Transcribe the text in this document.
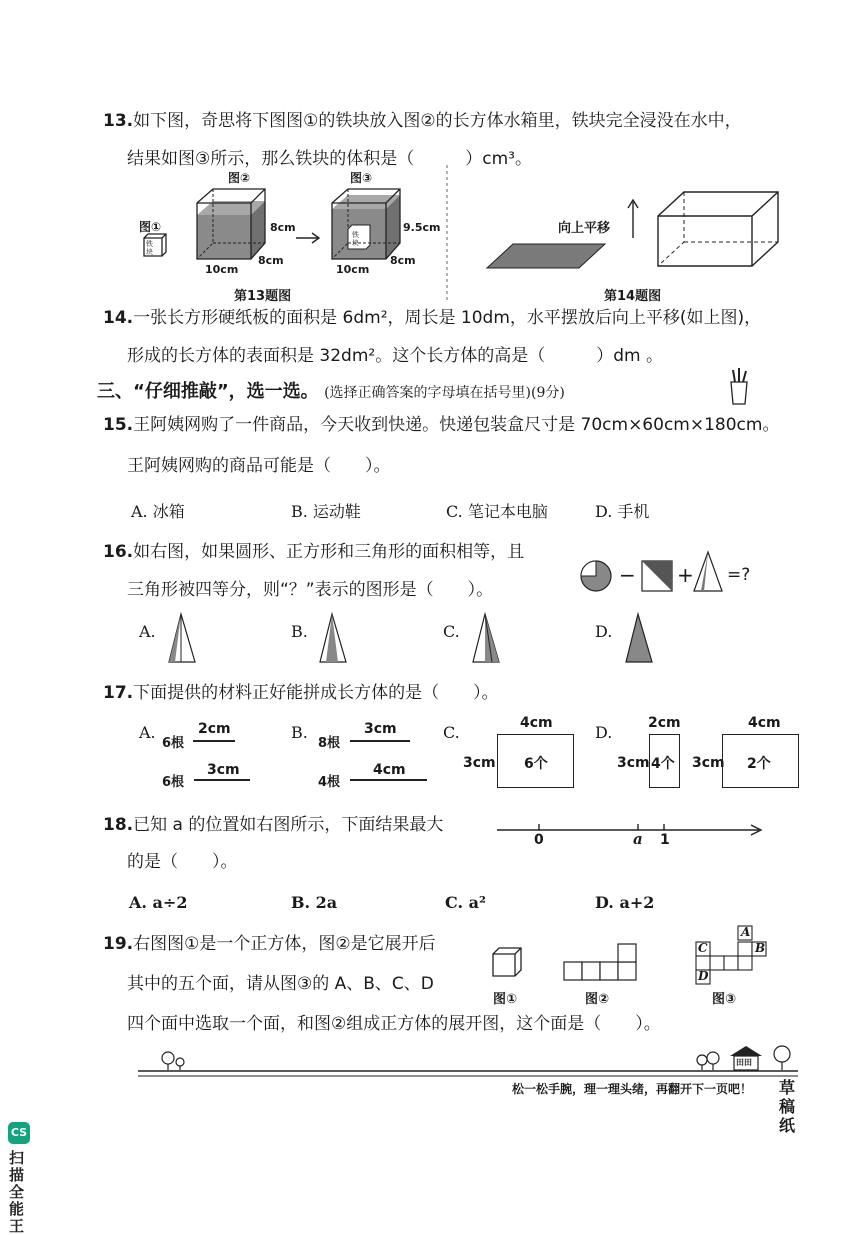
13.如下图，奇思将下图图①的铁块放入图②的长方体水箱里，铁块完全浸没在水中，
结果如图③所示，那么铁块的体积是（　　　）cm³。
图①
铁块
图②
8cm
10cm
8cm
图③
铁块
9.5cm
10cm
8cm
第13题图
向上平移
第14题图
14.一张长方形硬纸板的面积是 6dm²，周长是 10dm，水平摆放后向上平移(如上图)，
形成的长方体的表面积是 32dm²。这个长方体的高是（　　　）dm 。
三、“仔细推敲”，选一选。 (选择正确答案的字母填在括号里)(9分)
15.王阿姨网购了一件商品，今天收到快递。快递包装盒尺寸是 70cm×60cm×180cm。
王阿姨网购的商品可能是（　　）。
A. 冰箱	B. 运动鞋	C. 笔记本电脑	D. 手机
16.如右图，如果圆形、正方形和三角形的面积相等，且
三角形被四等分，则“？”表示的图形是（　　）。
− + =?
A.	B.	C.	D.
17.下面提供的材料正好能拼成长方体的是（　　）。
A.
6根
2cm
6根
3cm
B.
8根
3cm
4根
4cm
C.	4cm
3cm 6个
D.	2cm
3cm 4个
4cm
3cm 2个
18.已知 a 的位置如右图所示，下面结果最大
的是（　　）。
0	a 1
A. a÷2	B. 2a	C. a²	D. a+2
19.右图图①是一个正方体，图②是它展开后
其中的五个面，请从图③的 A、B、C、D
四个面中选取一个面，和图②组成正方体的展开图，这个面是（　　）。
图①	图②
A
B
C
D
图③
田田
松一松手腕，理一理头绪，再翻开下一页吧！ 草稿纸
CS
扫描全能王
